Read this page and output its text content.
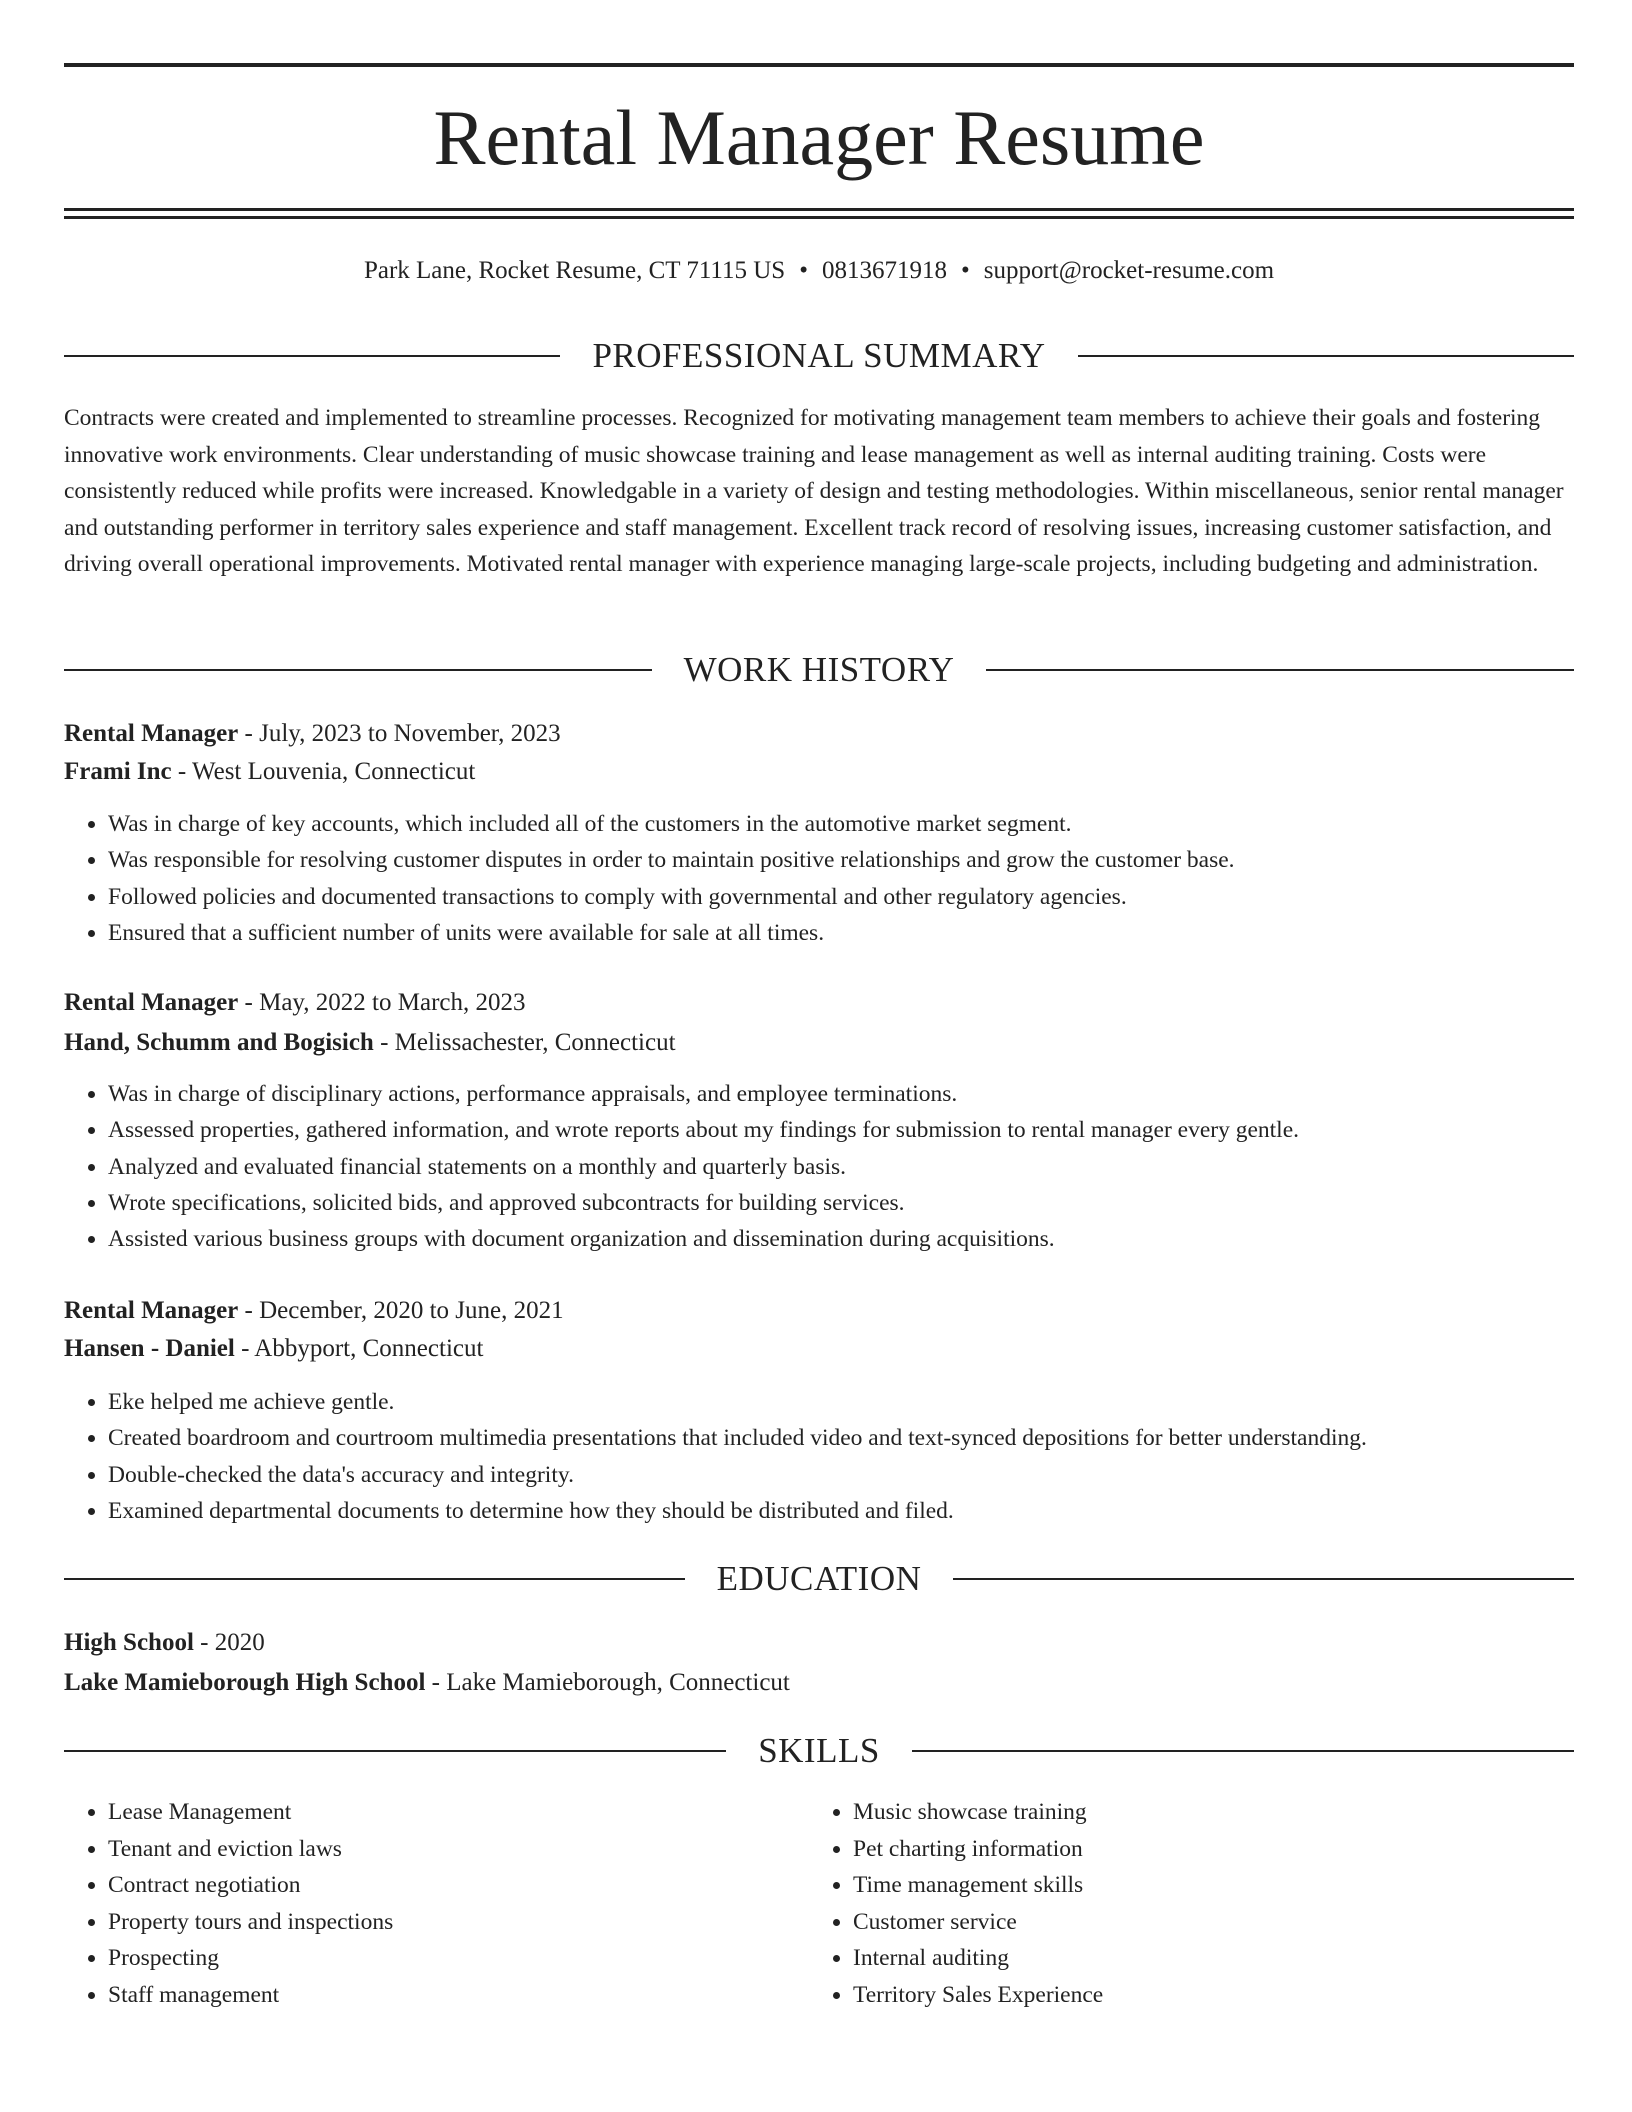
Rental Manager Resume
Park Lane, Rocket Resume, CT 71115 US • 0813671918 • support@rocket-resume.com
PROFESSIONAL SUMMARY

Contracts were created and implemented to streamline processes. Recognized for motivating management team members to achieve their goals and fostering innovative work environments. Clear understanding of music showcase training and lease management as well as internal auditing training. Costs were consistently reduced while profits were increased. Knowledgable in a variety of design and testing methodologies. Within miscellaneous, senior rental manager and outstanding performer in territory sales experience and staff management. Excellent track record of resolving issues, increasing customer satisfaction, and driving overall operational improvements. Motivated rental manager with experience managing large-scale projects, including budgeting and administration.

WORK HISTORY
Rental Manager - July, 2023 to November, 2023
Frami Inc - West Louvenia, Connecticut
• Was in charge of key accounts, which included all of the customers in the automotive market segment.
• Was responsible for resolving customer disputes in order to maintain positive relationships and grow the customer base.
• Followed policies and documented transactions to comply with governmental and other regulatory agencies.
• Ensured that a sufficient number of units were available for sale at all times.
Rental Manager - May, 2022 to March, 2023
Hand, Schumm and Bogisich - Melissachester, Connecticut
• Was in charge of disciplinary actions, performance appraisals, and employee terminations.
• Assessed properties, gathered information, and wrote reports about my findings for submission to rental manager every gentle.
• Analyzed and evaluated financial statements on a monthly and quarterly basis.
• Wrote specifications, solicited bids, and approved subcontracts for building services.
• Assisted various business groups with document organization and dissemination during acquisitions.
Rental Manager - December, 2020 to June, 2021
Hansen - Daniel - Abbyport, Connecticut
• Eke helped me achieve gentle.
• Created boardroom and courtroom multimedia presentations that included video and text-synced depositions for better understanding.
• Double-checked the data's accuracy and integrity.
• Examined departmental documents to determine how they should be distributed and filed.
EDUCATION
High School - 2020
Lake Mamieborough High School - Lake Mamieborough, Connecticut
SKILLS
• Lease Management
• Tenant and eviction laws
• Contract negotiation
• Property tours and inspections
• Prospecting
• Staff management
• Music showcase training
• Pet charting information
• Time management skills
• Customer service
• Internal auditing
• Territory Sales Experience
